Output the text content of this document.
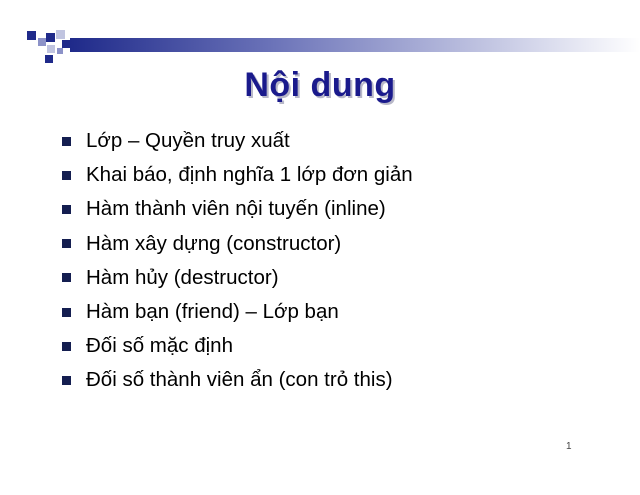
Nội dung
Lớp – Quyền truy xuất
Khai báo, định nghĩa 1 lớp đơn giản
Hàm thành viên nội tuyến (inline)
Hàm xây dựng (constructor)
Hàm hủy (destructor)
Hàm bạn (friend) – Lớp bạn
Đối số mặc định
Đối số thành viên ẩn (con trỏ this)
1
